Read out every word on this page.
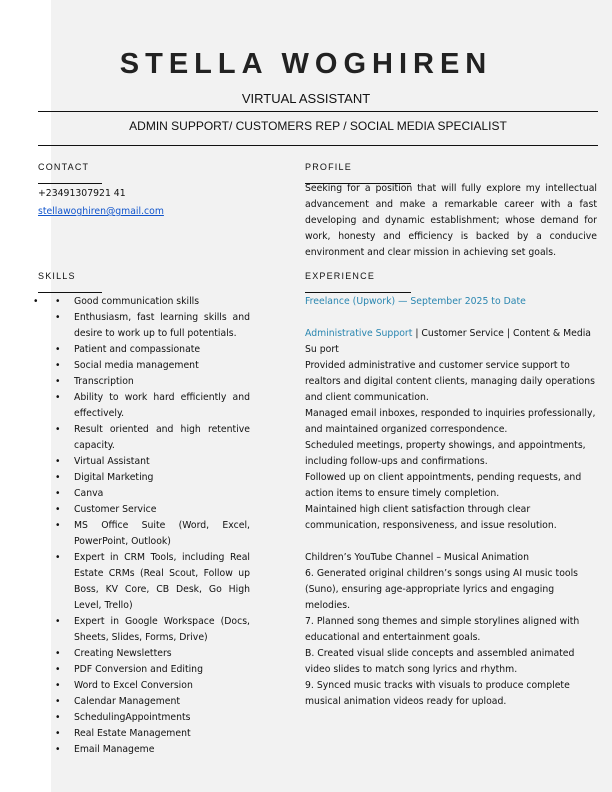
STELLA WOGHIREN
VIRTUAL ASSISTANT
ADMIN SUPPORT/ CUSTOMERS REP / SOCIAL MEDIA SPECIALIST
CONTACT
+23491307921 41
stellawoghiren@gmail.com
PROFILE
Seeking for a position that will fully explore my intellectual advancement and make a remarkable career with a fast developing and dynamic establishment; whose demand for work, honesty and efficiency is backed by a conducive environment and clear mission in achieving set goals.
SKILLS
• Good communication skills •
• Enthusiasm, fast learning skills and desire to work up to full potentials.
• Patient and compassionate
• Social media management
• Transcription
• Ability to work hard efficiently and effectively.
• Result oriented and high retentive capacity.
• Virtual Assistant
• Digital Marketing
• Canva
• Customer Service
• MS Office Suite (Word, Excel, PowerPoint, Outlook)
• Expert in CRM Tools, including Real Estate CRMs (Real Scout, Follow up Boss, KV Core, CB Desk, Go High Level, Trello)
• Expert in Google Workspace (Docs, Sheets, Slides, Forms, Drive)
• Creating Newsletters
• PDF Conversion and Editing
• Word to Excel Conversion
• Calendar Management
• SchedulingAppointments
• Real Estate Management
• Email Manageme
EXPERIENCE

Freelance (Upwork) — September 2025 to Date

Administrative Support | Customer Service | Content & Media Su port

Provided administrative and customer service support to realtors and digital content clients, managing daily operations and client communication.

Managed email inboxes, responded to inquiries professionally, and maintained organized correspondence.

Scheduled meetings, property showings, and appointments, including follow-ups and confirmations.

Followed up on client appointments, pending requests, and action items to ensure timely completion.

Maintained high client satisfaction through clear communication, responsiveness, and issue resolution.

Children’s YouTube Channel – Musical Animation

6. Generated original children’s songs using AI music tools (Suno), ensuring age-appropriate lyrics and engaging melodies.

7. Planned song themes and simple storylines aligned with educational and entertainment goals.

B. Created visual slide concepts and assembled animated video slides to match song lyrics and rhythm.

9. Synced music tracks with visuals to produce complete musical animation videos ready for upload.
